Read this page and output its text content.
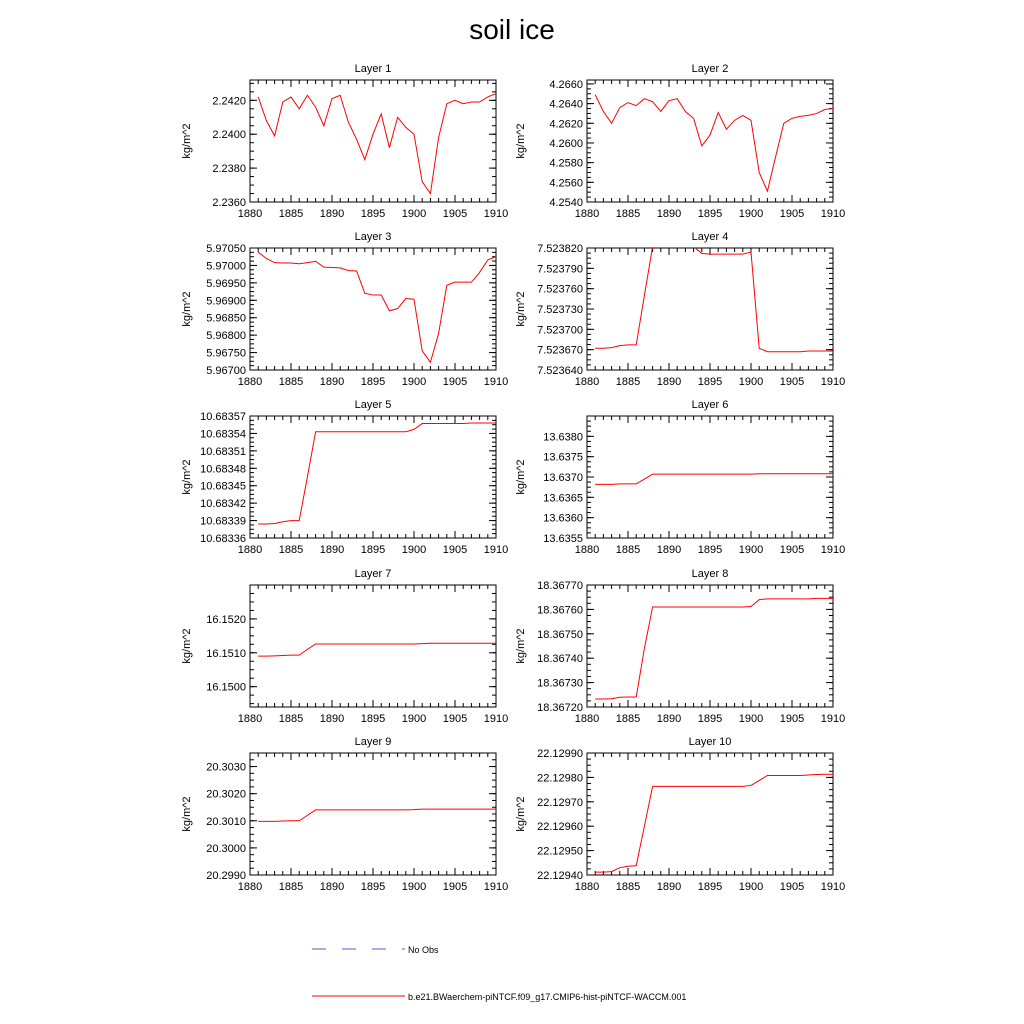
soil ice
Layer 1
kg/m^2
1880 1885 1890 1895 1900 1905 1910
2.2360
2.2380
2.2400
2.2420
Layer 2
kg/m^2
1880 1885 1890 1895 1900 1905 1910
4.2540
4.2560
4.2580
4.2600
4.2620
4.2640
4.2660
Layer 3
kg/m^2
1880 1885 1890 1895 1900 1905 1910
5.96700
5.96750
5.96800
5.96850
5.96900
5.96950
5.97000
5.97050
Layer 4
kg/m^2
1880 1885 1890 1895 1900 1905 1910
7.523640
7.523670
7.523700
7.523730
7.523760
7.523790
7.523820
Layer 5
kg/m^2
1880 1885 1890 1895 1900 1905 1910
10.68336
10.68339
10.68342
10.68345
10.68348
10.68351
10.68354
10.68357
Layer 6
kg/m^2
1880 1885 1890 1895 1900 1905 1910
13.6355
13.6360
13.6365
13.6370
13.6375
13.6380
Layer 7
kg/m^2
1880 1885 1890 1895 1900 1905 1910
16.1500
16.1510
16.1520
Layer 8
kg/m^2
1880 1885 1890 1895 1900 1905 1910
18.36720
18.36730
18.36740
18.36750
18.36760
18.36770
Layer 9
kg/m^2
1880 1885 1890 1895 1900 1905 1910
20.2990
20.3000
20.3010
20.3020
20.3030
Layer 10
kg/m^2
1880 1885 1890 1895 1900 1905 1910
22.12940
22.12950
22.12960
22.12970
22.12980
22.12990
No Obs
b.e21.BWaerchem-piNTCF.f09_g17.CMIP6-hist-piNTCF-WACCM.001
